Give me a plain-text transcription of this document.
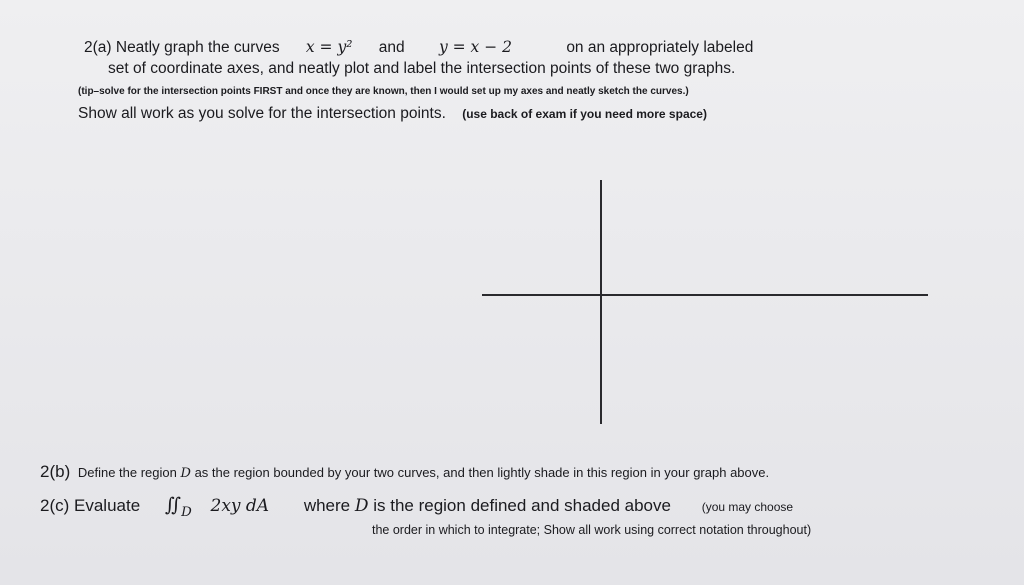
2(a) Neatly graph the curves x = y² and y = x − 2	on an appropriately labeled
set of coordinate axes, and neatly plot and label the intersection points of these two graphs.
(tip–solve for the intersection points FIRST and once they are known, then I would set up my axes and neatly sketch the curves.)
Show all work as you solve for the intersection points. (use back of exam if you need more space)
2(b) Define the region D as the region bounded by your two curves, and then lightly shade in this region in your graph above.
2(c) Evaluate $∬_D$ 2xy dA where D is the region defined and shaded above	(you may choose
the order in which to integrate; Show all work using correct notation throughout)
